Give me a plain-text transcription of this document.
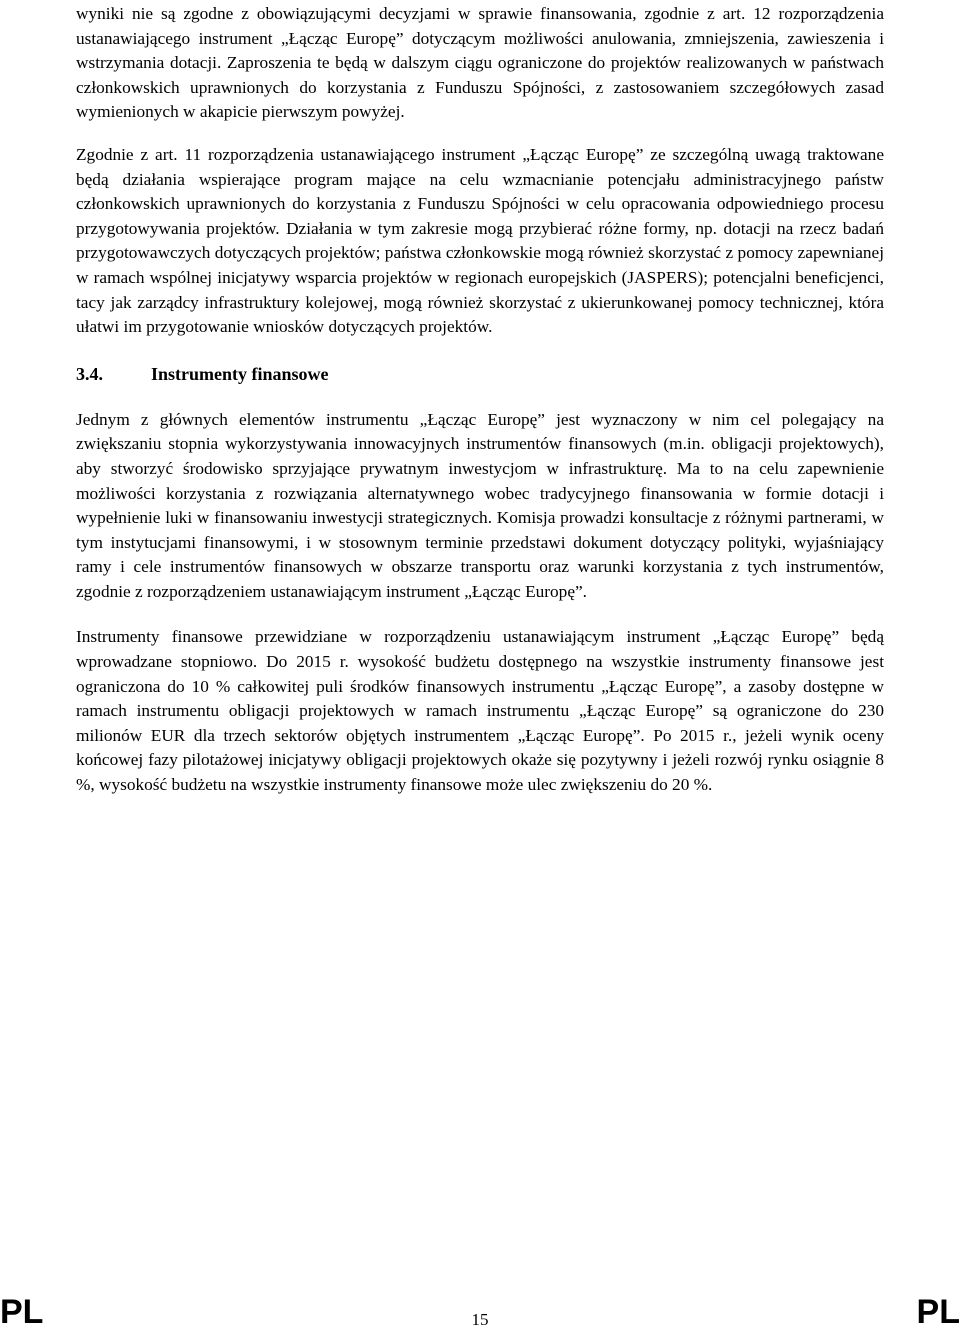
wyniki nie są zgodne z obowiązującymi decyzjami w sprawie finansowania, zgodnie z art. 12 rozporządzenia ustanawiającego instrument „Łącząc Europę” dotyczącym możliwości anulowania, zmniejszenia, zawieszenia i wstrzymania dotacji. Zaproszenia te będą w dalszym ciągu ograniczone do projektów realizowanych w państwach członkowskich uprawnionych do korzystania z Funduszu Spójności, z zastosowaniem szczegółowych zasad wymienionych w akapicie pierwszym powyżej.

Zgodnie z art. 11 rozporządzenia ustanawiającego instrument „Łącząc Europę” ze szczególną uwagą traktowane będą działania wspierające program mające na celu wzmacnianie potencjału administracyjnego państw członkowskich uprawnionych do korzystania z Funduszu Spójności w celu opracowania odpowiedniego procesu przygotowywania projektów. Działania w tym zakresie mogą przybierać różne formy, np. dotacji na rzecz badań przygotowawczych dotyczących projektów; państwa członkowskie mogą również skorzystać z pomocy zapewnianej w ramach wspólnej inicjatywy wsparcia projektów w regionach europejskich (JASPERS); potencjalni beneficjenci, tacy jak zarządcy infrastruktury kolejowej, mogą również skorzystać z ukierunkowanej pomocy technicznej, która ułatwi im przygotowanie wniosków dotyczących projektów.

3.4.	Instrumenty finansowe

Jednym z głównych elementów instrumentu „Łącząc Europę” jest wyznaczony w nim cel polegający na zwiększaniu stopnia wykorzystywania innowacyjnych instrumentów finansowych (m.in. obligacji projektowych), aby stworzyć środowisko sprzyjające prywatnym inwestycjom w infrastrukturę. Ma to na celu zapewnienie możliwości korzystania z rozwiązania alternatywnego wobec tradycyjnego finansowania w formie dotacji i wypełnienie luki w finansowaniu inwestycji strategicznych. Komisja prowadzi konsultacje z różnymi partnerami, w tym instytucjami finansowymi, i w stosownym terminie przedstawi dokument dotyczący polityki, wyjaśniający ramy i cele instrumentów finansowych w obszarze transportu oraz warunki korzystania z tych instrumentów, zgodnie z rozporządzeniem ustanawiającym instrument „Łącząc Europę”.

Instrumenty finansowe przewidziane w rozporządzeniu ustanawiającym instrument „Łącząc Europę” będą wprowadzane stopniowo. Do 2015 r. wysokość budżetu dostępnego na wszystkie instrumenty finansowe jest ograniczona do 10 % całkowitej puli środków finansowych instrumentu „Łącząc Europę”, a zasoby dostępne w ramach instrumentu obligacji projektowych w ramach instrumentu „Łącząc Europę” są ograniczone do 230 milionów EUR dla trzech sektorów objętych instrumentem „Łącząc Europę”. Po 2015 r., jeżeli wynik oceny końcowej fazy pilotażowej inicjatywy obligacji projektowych okaże się pozytywny i jeżeli rozwój rynku osiągnie 8 %, wysokość budżetu na wszystkie instrumenty finansowe może ulec zwiększeniu do 20 %.

PL	15	PL
